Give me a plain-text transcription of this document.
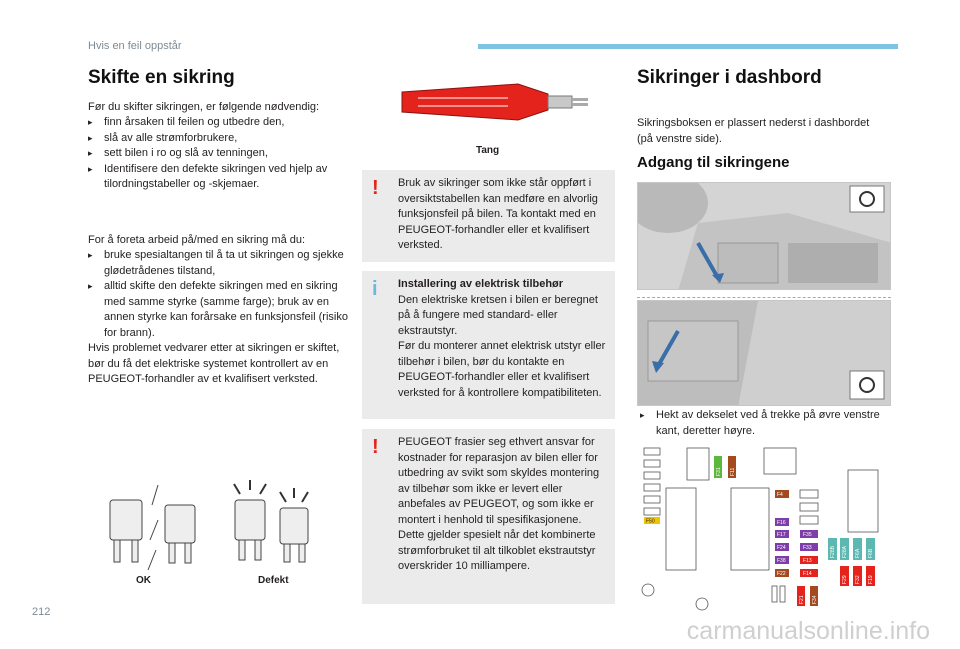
Hvis en feil oppstår
Skifte en sikring
Før du skifter sikringen, er følgende nødvendig:
▸ finn årsaken til feilen og utbedre den,
▸ slå av alle strømforbrukere,
▸ sett bilen i ro og slå av tenningen,
▸ Identifisere den defekte sikringen ved hjelp av tilordningstabeller og -skjemaer.
For å foreta arbeid på/med en sikring må du:
▸ bruke spesialtangen til å ta ut sikringen og sjekke glødetrådenes tilstand,
▸ alltid skifte den defekte sikringen med en sikring med samme styrke (samme farge); bruk av en annen styrke kan forårsake en funksjonsfeil (risiko for brann).
Hvis problemet vedvarer etter at sikringen er skiftet, bør du få det elektriske systemet kontrollert av en PEUGEOT-forhandler av et kvalifisert verksted.
OK	Defekt
Tang
! Bruk av sikringer som ikke står oppført i oversiktstabellen kan medføre en alvorlig funksjonsfeil på bilen. Ta kontakt med en PEUGEOT-forhandler eller et kvalifisert verksted.
i Installering av elektrisk tilbehør
Den elektriske kretsen i bilen er beregnet på å fungere med standard- eller ekstrautstyr.
Før du monterer annet elektrisk utstyr eller tilbehør i bilen, bør du kontakte en PEUGEOT-forhandler eller et kvalifisert verksted for å kontrollere kompatibiliteten.
! PEUGEOT frasier seg ethvert ansvar for kostnader for reparasjon av bilen eller for utbedring av svikt som skyldes montering av tilbehør som ikke er levert eller anbefales av PEUGEOT, og som ikke er montert i henhold til spesifikasjonene. Dette gjelder spesielt når det kombinerte strømforbruket til alt tilkoblet ekstrautstyr overskrider 10 milliampere.
Sikringer i dashbord
Sikringsboksen er plassert nederst i dashbordet (på venstre side).
Adgang til sikringene
▸ Hekt av dekselet ved å trekke på øvre venstre kant, deretter høyre.
F50
F4
F16
F17
F24
F38
F22
F35
F33
F13
F14
F31 F11
F28B F28A F6A F6B
F29 F32 F19
F21 F34
212
carmanualsonline.info
